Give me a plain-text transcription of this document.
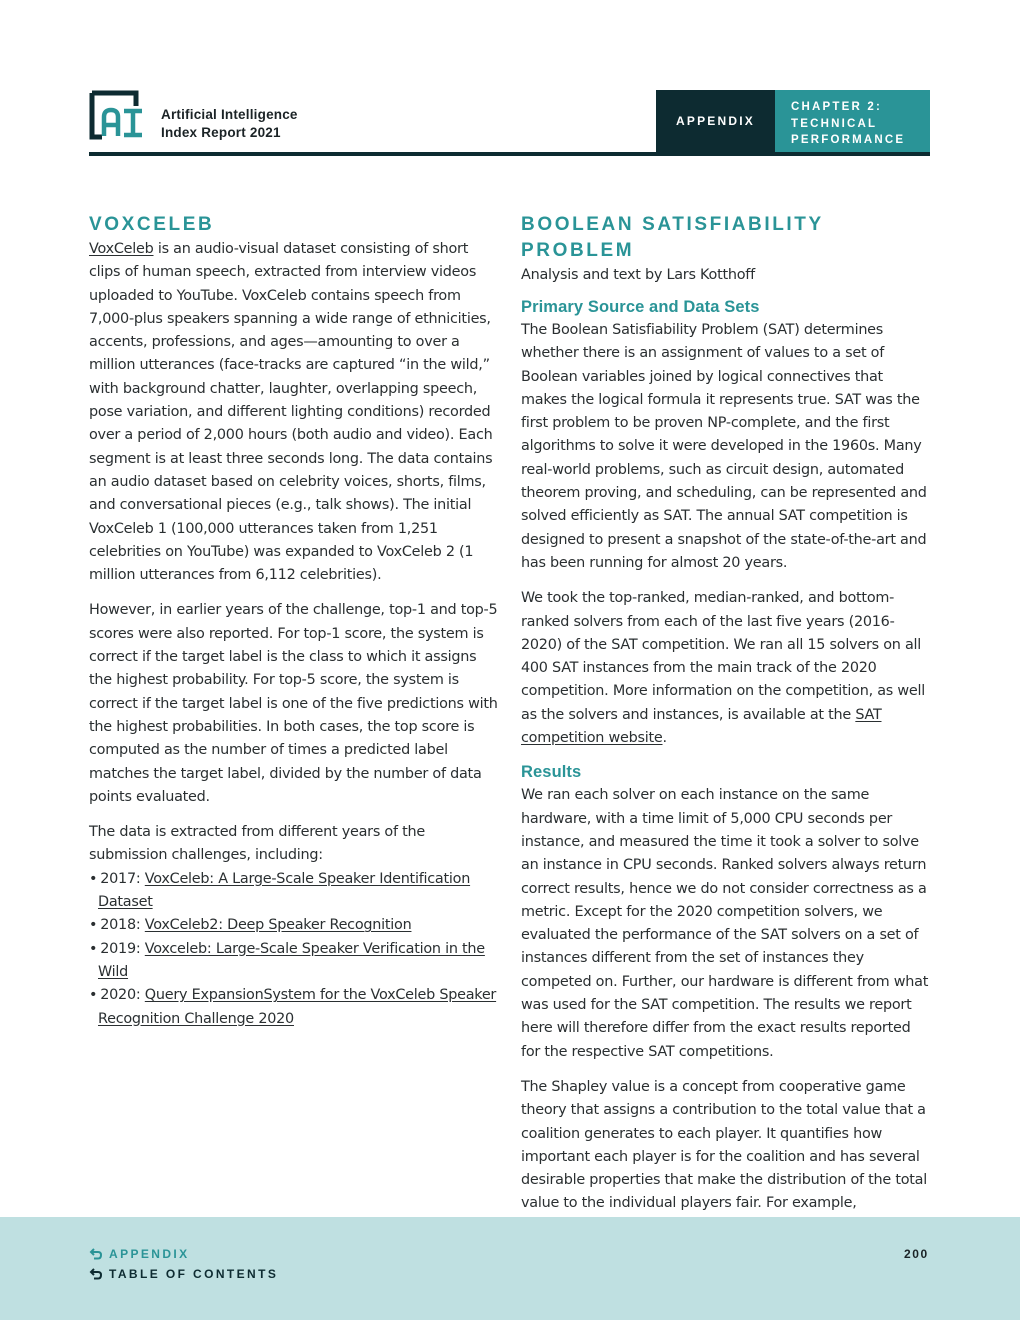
Artificial Intelligence
Index Report 2021
APPENDIX
CHAPTER 2:
TECHNICAL
PERFORMANCE
VOXCELEB

VoxCeleb is an audio-visual dataset consisting of short clips of human speech, extracted from interview videos uploaded to YouTube. VoxCeleb contains speech from 7,000-plus speakers spanning a wide range of ethnicities, accents, professions, and ages—amounting to over a million utterances (face-tracks are captured “in the wild,” with background chatter, laughter, overlapping speech, pose variation, and different lighting conditions) recorded over a period of 2,000 hours (both audio and video). Each segment is at least three seconds long. The data contains an audio dataset based on celebrity voices, shorts, films, and conversational pieces (e.g., talk shows). The initial VoxCeleb 1 (100,000 utterances taken from 1,251 celebrities on YouTube) was expanded to VoxCeleb 2 (1 million utterances from 6,112 celebrities).

However, in earlier years of the challenge, top-1 and top-5 scores were also reported. For top-1 score, the system is correct if the target label is the class to which it assigns the highest probability. For top-5 score, the system is correct if the target label is one of the five predictions with the highest probabilities. In both cases, the top score is computed as the number of times a predicted label matches the target label, divided by the number of data points evaluated.

The data is extracted from different years of the submission challenges, including:

• 2017: VoxCeleb: A Large-Scale Speaker Identification Dataset
• 2018: VoxCeleb2: Deep Speaker Recognition
• 2019: Voxceleb: Large-Scale Speaker Verification in the Wild
• 2020: Query ExpansionSystem for the VoxCeleb Speaker Recognition Challenge 2020
BOOLEAN SATISFIABILITY
PROBLEM
Analysis and text by Lars Kotthoff
Primary Source and Data Sets

The Boolean Satisfiability Problem (SAT) determines whether there is an assignment of values to a set of Boolean variables joined by logical connectives that makes the logical formula it represents true. SAT was the first problem to be proven NP-complete, and the first algorithms to solve it were developed in the 1960s. Many real-world problems, such as circuit design, automated theorem proving, and scheduling, can be represented and solved efficiently as SAT. The annual SAT competition is designed to present a snapshot of the state-of-the-art and has been running for almost 20 years.

We took the top-ranked, median-ranked, and bottom-ranked solvers from each of the last five years (2016-2020) of the SAT competition. We ran all 15 solvers on all 400 SAT instances from the main track of the 2020 competition. More information on the competition, as well as the solvers and instances, is available at the SAT competition website.

Results

We ran each solver on each instance on the same hardware, with a time limit of 5,000 CPU seconds per instance, and measured the time it took a solver to solve an instance in CPU seconds. Ranked solvers always return correct results, hence we do not consider correctness as a metric. Except for the 2020 competition solvers, we evaluated the performance of the SAT solvers on a set of instances different from the set of instances they competed on. Further, our hardware is different from what was used for the SAT competition. The results we report here will therefore differ from the exact results reported for the respective SAT competitions.

The Shapley value is a concept from cooperative game theory that assigns a contribution to the total value that a coalition generates to each player. It quantifies how important each player is for the coalition and has several desirable properties that make the distribution of the total value to the individual players fair. For example,

APPENDIX
TABLE OF CONTENTS
200
